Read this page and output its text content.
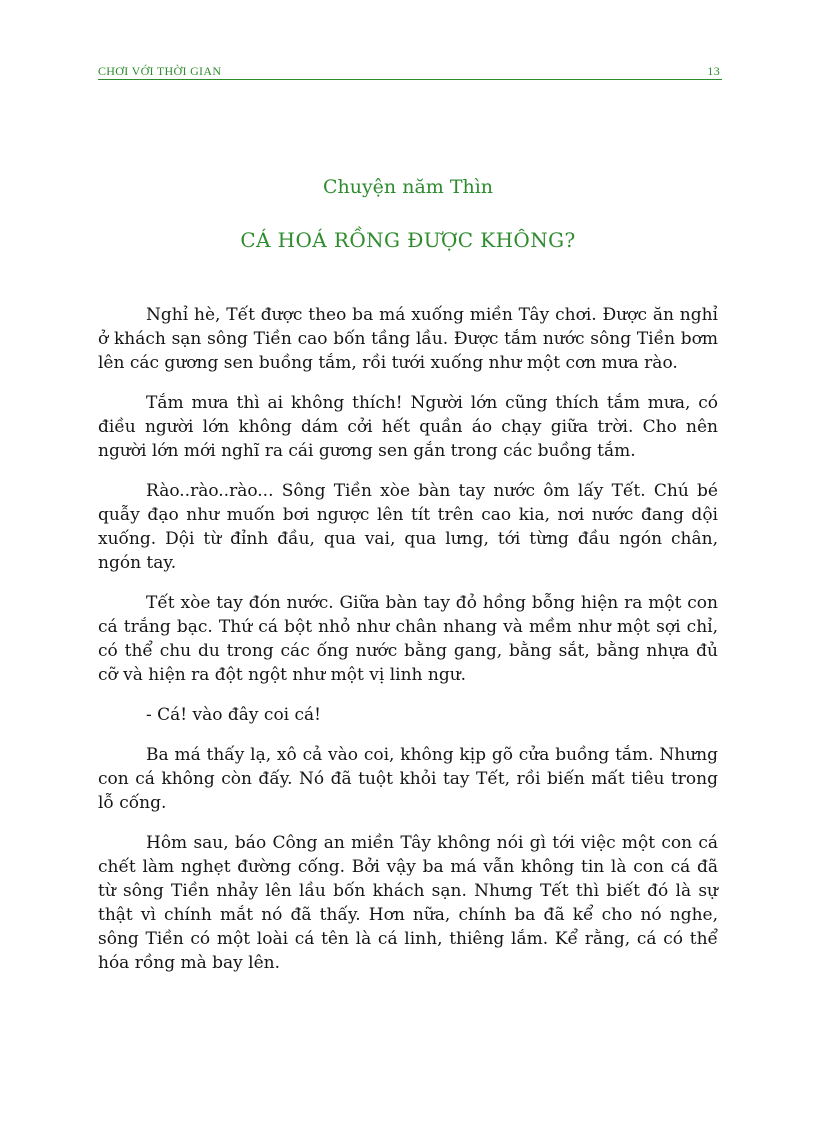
CHƠI VỚI THỜI GIAN	13
Chuyện năm Thìn
CÁ HOÁ RỒNG ĐƯỢC KHÔNG?

Nghỉ hè, Tết được theo ba má xuống miền Tây chơi. Được ăn nghỉ ở khách sạn sông Tiền cao bốn tầng lầu. Được tắm nước sông Tiền bơm lên các gương sen buồng tắm, rồi tưới xuống như một cơn mưa rào.

Tắm mưa thì ai không thích! Người lớn cũng thích tắm mưa, có điều người lớn không dám cởi hết quần áo chạy giữa trời. Cho nên người lớn mới nghĩ ra cái gương sen gắn trong các buồng tắm.

Rào..rào..rào... Sông Tiền xòe bàn tay nước ôm lấy Tết. Chú bé quẫy đạo như muốn bơi ngược lên tít trên cao kia, nơi nước đang dội xuống. Dội từ đỉnh đầu, qua vai, qua lưng, tới từng đầu ngón chân, ngón tay.

Tết xòe tay đón nước. Giữa bàn tay đỏ hồng bỗng hiện ra một con cá trắng bạc. Thứ cá bột nhỏ như chân nhang và mềm như một sợi chỉ, có thể chu du trong các ống nước bằng gang, bằng sắt, bằng nhựa đủ cỡ và hiện ra đột ngột như một vị linh ngư.

- Cá! vào đây coi cá!

Ba má thấy lạ, xô cả vào coi, không kịp gõ cửa buồng tắm. Nhưng con cá không còn đấy. Nó đã tuột khỏi tay Tết, rồi biến mất tiêu trong lỗ cống.

Hôm sau, báo Công an miền Tây không nói gì tới việc một con cá chết làm nghẹt đường cống. Bởi vậy ba má vẫn không tin là con cá đã từ sông Tiền nhảy lên lầu bốn khách sạn. Nhưng Tết thì biết đó là sự thật vì chính mắt nó đã thấy. Hơn nữa, chính ba đã kể cho nó nghe, sông Tiền có một loài cá tên là cá linh, thiêng lắm. Kể rằng, cá có thể hóa rồng mà bay lên.
